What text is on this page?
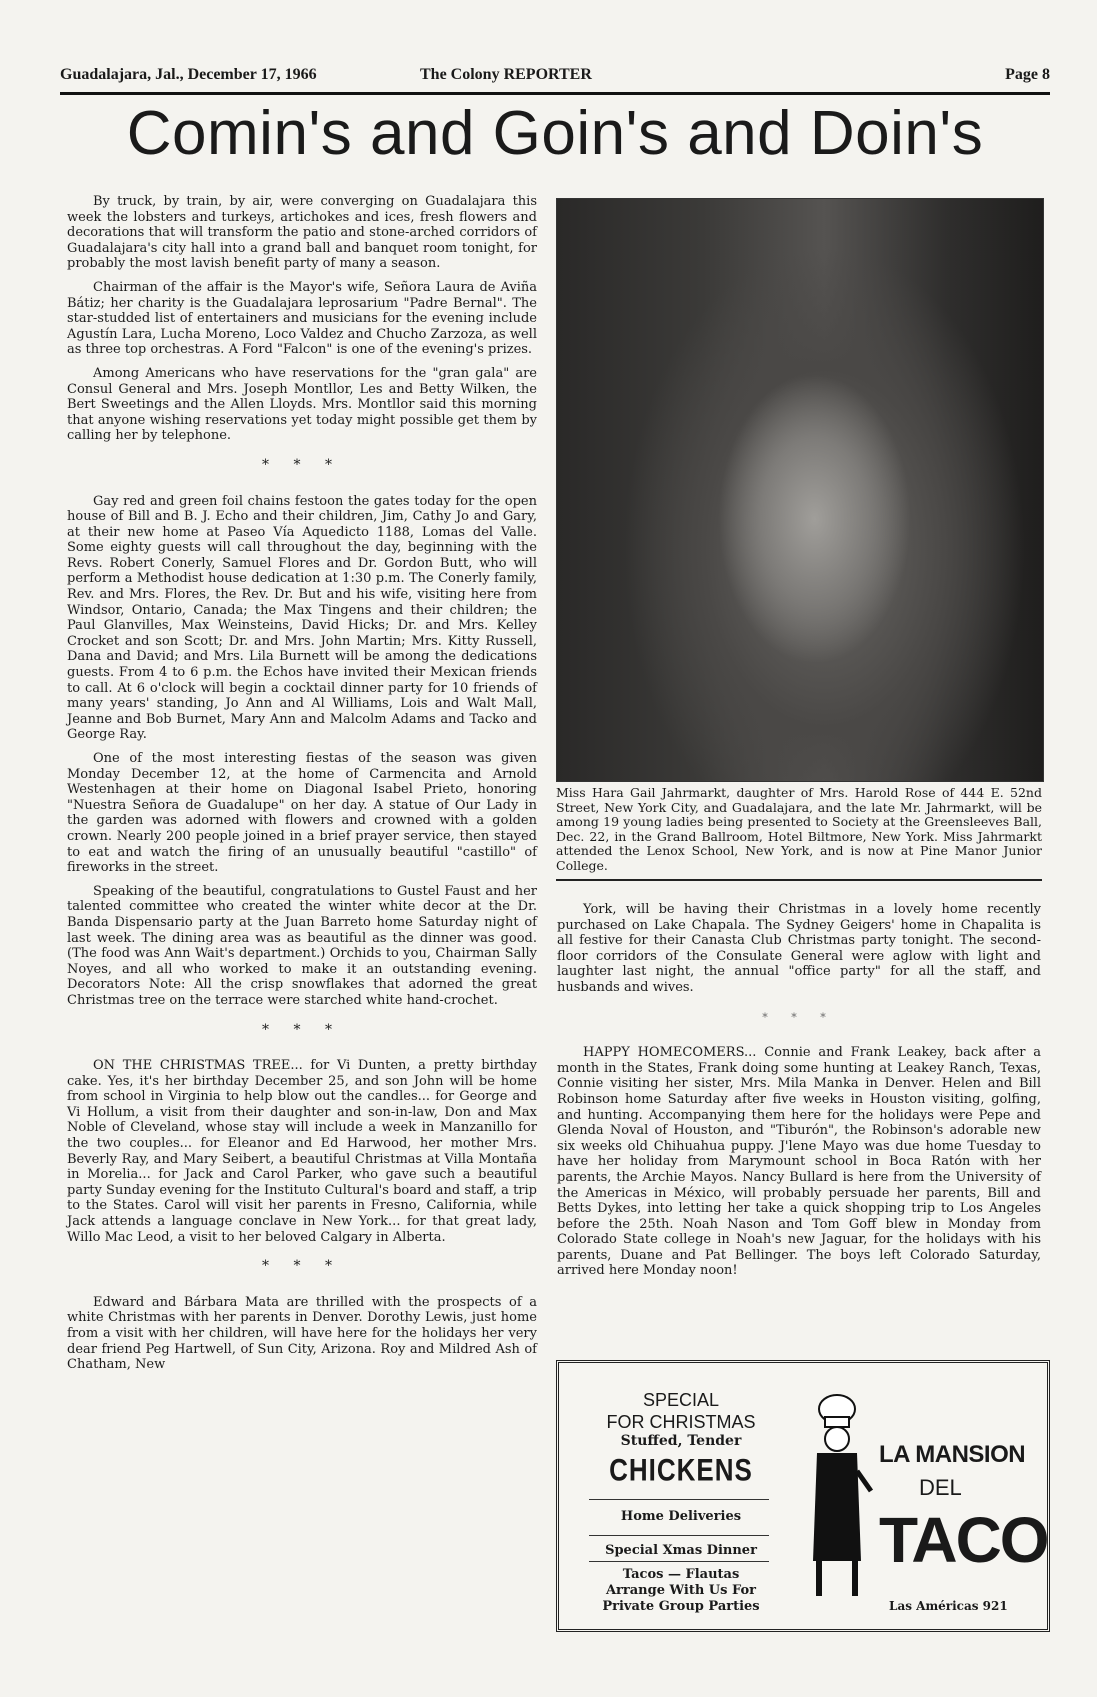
Guadalajara, Jal., December 17, 1966	The Colony REPORTER	Page 8
Comin's and Goin's and Doin's

By truck, by train, by air, were converging on Guadalajara this week the lobsters and turkeys, artichokes and ices, fresh flowers and decorations that will transform the patio and stone-arched corridors of Guadalajara's city hall into a grand ball and banquet room tonight, for probably the most lavish benefit party of many a season.

Chairman of the affair is the Mayor's wife, Señora Laura de Aviña Bátiz; her charity is the Guadalajara leprosarium "Padre Bernal". The star-studded list of entertainers and musicians for the evening include Agustín Lara, Lucha Moreno, Loco Valdez and Chucho Zarzoza, as well as three top orchestras. A Ford "Falcon" is one of the evening's prizes.

Among Americans who have reservations for the "gran gala" are Consul General and Mrs. Joseph Montllor, Les and Betty Wilken, the Bert Sweetings and the Allen Lloyds. Mrs. Montllor said this morning that anyone wishing reservations yet today might possible get them by calling her by telephone.

* * *

Gay red and green foil chains festoon the gates today for the open house of Bill and B. J. Echo and their children, Jim, Cathy Jo and Gary, at their new home at Paseo Vía Aquedicto 1188, Lomas del Valle. Some eighty guests will call throughout the day, beginning with the Revs. Robert Conerly, Samuel Flores and Dr. Gordon Butt, who will perform a Methodist house dedication at 1:30 p.m. The Conerly family, Rev. and Mrs. Flores, the Rev. Dr. But and his wife, visiting here from Windsor, Ontario, Canada; the Max Tingens and their children; the Paul Glanvilles, Max Weinsteins, David Hicks; Dr. and Mrs. Kelley Crocket and son Scott; Dr. and Mrs. John Martin; Mrs. Kitty Russell, Dana and David; and Mrs. Lila Burnett will be among the dedications guests. From 4 to 6 p.m. the Echos have invited their Mexican friends to call. At 6 o'clock will begin a cocktail dinner party for 10 friends of many years' standing, Jo Ann and Al Williams, Lois and Walt Mall, Jeanne and Bob Burnet, Mary Ann and Malcolm Adams and Tacko and George Ray.

One of the most interesting fiestas of the season was given Monday December 12, at the home of Carmencita and Arnold Westenhagen at their home on Diagonal Isabel Prieto, honoring "Nuestra Señora de Guadalupe" on her day. A statue of Our Lady in the garden was adorned with flowers and crowned with a golden crown. Nearly 200 people joined in a brief prayer service, then stayed to eat and watch the firing of an unusually beautiful "castillo" of fireworks in the street.

Speaking of the beautiful, congratulations to Gustel Faust and her talented committee who created the winter white decor at the Dr. Banda Dispensario party at the Juan Barreto home Saturday night of last week. The dining area was as beautiful as the dinner was good. (The food was Ann Wait's department.) Orchids to you, Chairman Sally Noyes, and all who worked to make it an outstanding evening. Decorators Note: All the crisp snowflakes that adorned the great Christmas tree on the terrace were starched white hand-crochet.

* * *

ON THE CHRISTMAS TREE... for Vi Dunten, a pretty birthday cake. Yes, it's her birthday December 25, and son John will be home from school in Virginia to help blow out the candles... for George and Vi Hollum, a visit from their daughter and son-in-law, Don and Max Noble of Cleveland, whose stay will include a week in Manzanillo for the two couples... for Eleanor and Ed Harwood, her mother Mrs. Beverly Ray, and Mary Seibert, a beautiful Christmas at Villa Montaña in Morelia... for Jack and Carol Parker, who gave such a beautiful party Sunday evening for the Instituto Cultural's board and staff, a trip to the States. Carol will visit her parents in Fresno, California, while Jack attends a language conclave in New York... for that great lady, Willo Mac Leod, a visit to her beloved Calgary in Alberta.

* * *

Edward and Bárbara Mata are thrilled with the prospects of a white Christmas with her parents in Denver. Dorothy Lewis, just home from a visit with her children, will have here for the holidays her very dear friend Peg Hartwell, of Sun City, Arizona. Roy and Mildred Ash of Chatham, New

Miss Hara Gail Jahrmarkt, daughter of Mrs. Harold Rose of 444 E. 52nd Street, New York City, and Guadalajara, and the late Mr. Jahrmarkt, will be among 19 young ladies being presented to Society at the Greensleeves Ball, Dec. 22, in the Grand Ballroom, Hotel Biltmore, New York. Miss Jahrmarkt attended the Lenox School, New York, and is now at Pine Manor Junior College.

York, will be having their Christmas in a lovely home recently purchased on Lake Chapala. The Sydney Geigers' home in Chapalita is all festive for their Canasta Club Christmas party tonight. The second-floor corridors of the Consulate General were aglow with light and laughter last night, the annual "office party" for all the staff, and husbands and wives.

* * *

HAPPY HOMECOMERS... Connie and Frank Leakey, back after a month in the States, Frank doing some hunting at Leakey Ranch, Texas, Connie visiting her sister, Mrs. Mila Manka in Denver. Helen and Bill Robinson home Saturday after five weeks in Houston visiting, golfing, and hunting. Accompanying them here for the holidays were Pepe and Glenda Noval of Houston, and "Tiburón", the Robinson's adorable new six weeks old Chihuahua puppy. J'lene Mayo was due home Tuesday to have her holiday from Marymount school in Boca Ratón with her parents, the Archie Mayos. Nancy Bullard is here from the University of the Americas in México, will probably persuade her parents, Bill and Betts Dykes, into letting her take a quick shopping trip to Los Angeles before the 25th. Noah Nason and Tom Goff blew in Monday from Colorado State college in Noah's new Jaguar, for the holidays with his parents, Duane and Pat Bellinger. The boys left Colorado Saturday, arrived here Monday noon!

SPECIAL
FOR CHRISTMAS
Stuffed, Tender
CHICKENS
Home Deliveries
Special Xmas Dinner
Tacos — Flautas
Arrange With Us For
Private Group Parties
LA MANSION
DEL
TACO
Las Américas 921
